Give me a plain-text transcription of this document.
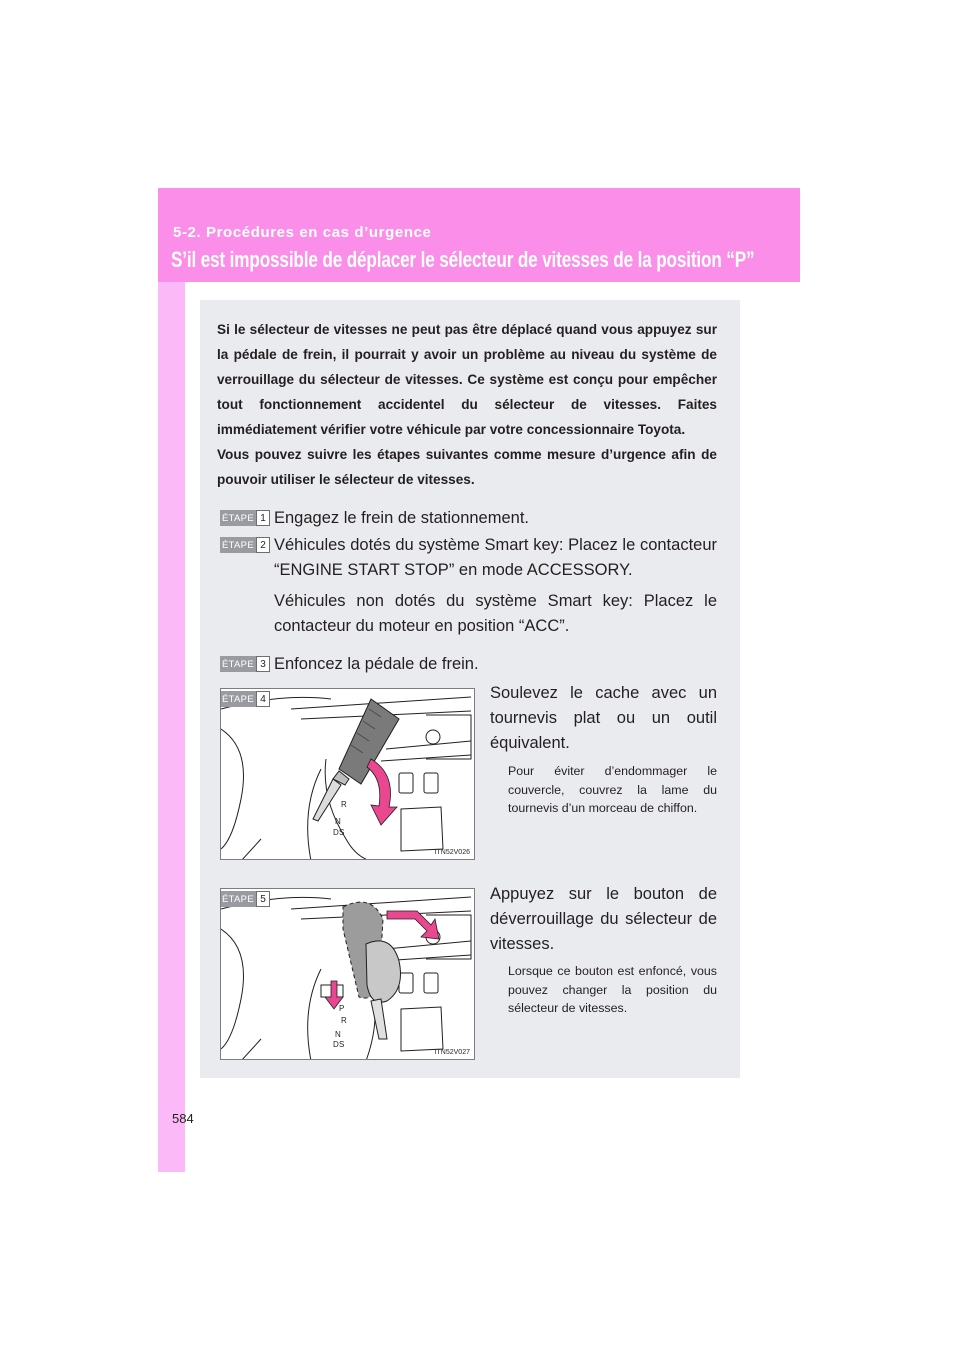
5-2. Procédures en cas d’urgence
S’il est impossible de déplacer le sélecteur de vitesses de la position “P”

Si le sélecteur de vitesses ne peut pas être déplacé quand vous appuyez sur la pédale de frein, il pourrait y avoir un problème au niveau du système de verrouillage du sélecteur de vitesses. Ce système est conçu pour empêcher tout fonctionnement accidentel du sélecteur de vitesses. Faites immédiatement vérifier votre véhicule par votre concessionnaire Toyota.

Vous pouvez suivre les étapes suivantes comme mesure d’urgence afin de pouvoir utiliser le sélecteur de vitesses.

ÉTAPE 1 Engagez le frein de stationnement.

ÉTAPE 2 Véhicules dotés du système Smart key: Placez le contacteur “ENGINE START STOP” en mode ACCESSORY.

Véhicules non dotés du système Smart key: Placez le contacteur du moteur en position “ACC”.

ÉTAPE 3 Enfoncez la pédale de frein.

R
N
D S
ÉTAPE 4
ITN52V026
Soulevez le cache avec un tournevis plat ou un outil équivalent.
Pour éviter d’endommager le couvercle, couvrez la lame du tournevis d’un morceau de chiffon.
P
R
N
D S
ÉTAPE 5
ITN52V027
Appuyez sur le bouton de déverrouillage du sélecteur de vitesses.
Lorsque ce bouton est enfoncé, vous pouvez changer la position du sélecteur de vitesses.
584
